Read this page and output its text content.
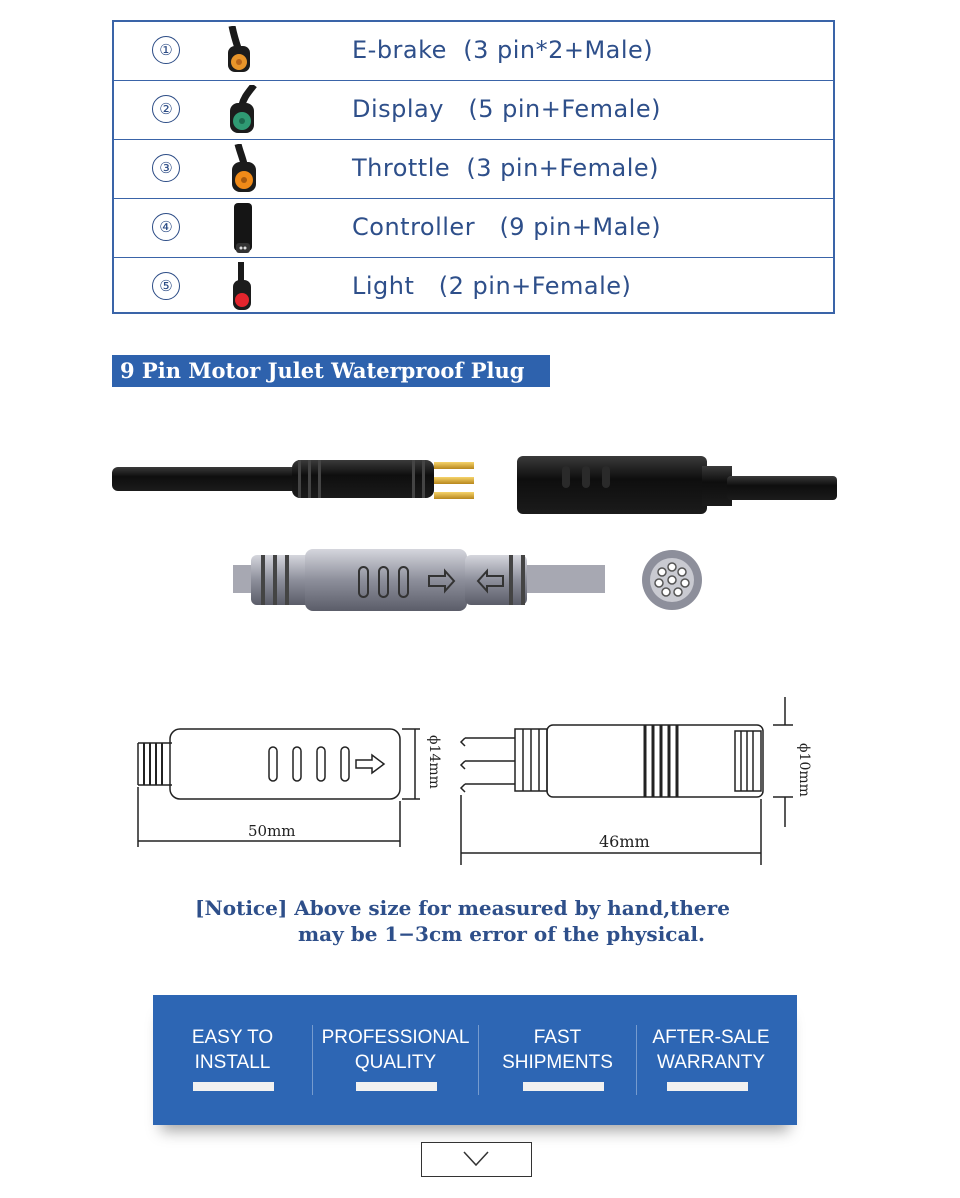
①	E-brake  (3 pin*2+Male)
②	Display   (5 pin+Female)
③	Throttle  (3 pin+Female)
④	Controller   (9 pin+Male)
⑤	Light   (2 pin+Female)
9 Pin Motor Julet Waterproof Plug
ϕ14mm
50mm
ϕ10mm
46mm
[Notice] Above size for measured by hand,there
may be 1−3cm error of the physical.
EASY TO
INSTALL
PROFESSIONAL
QUALITY
FAST
SHIPMENTS
AFTER-SALE
WARRANTY
